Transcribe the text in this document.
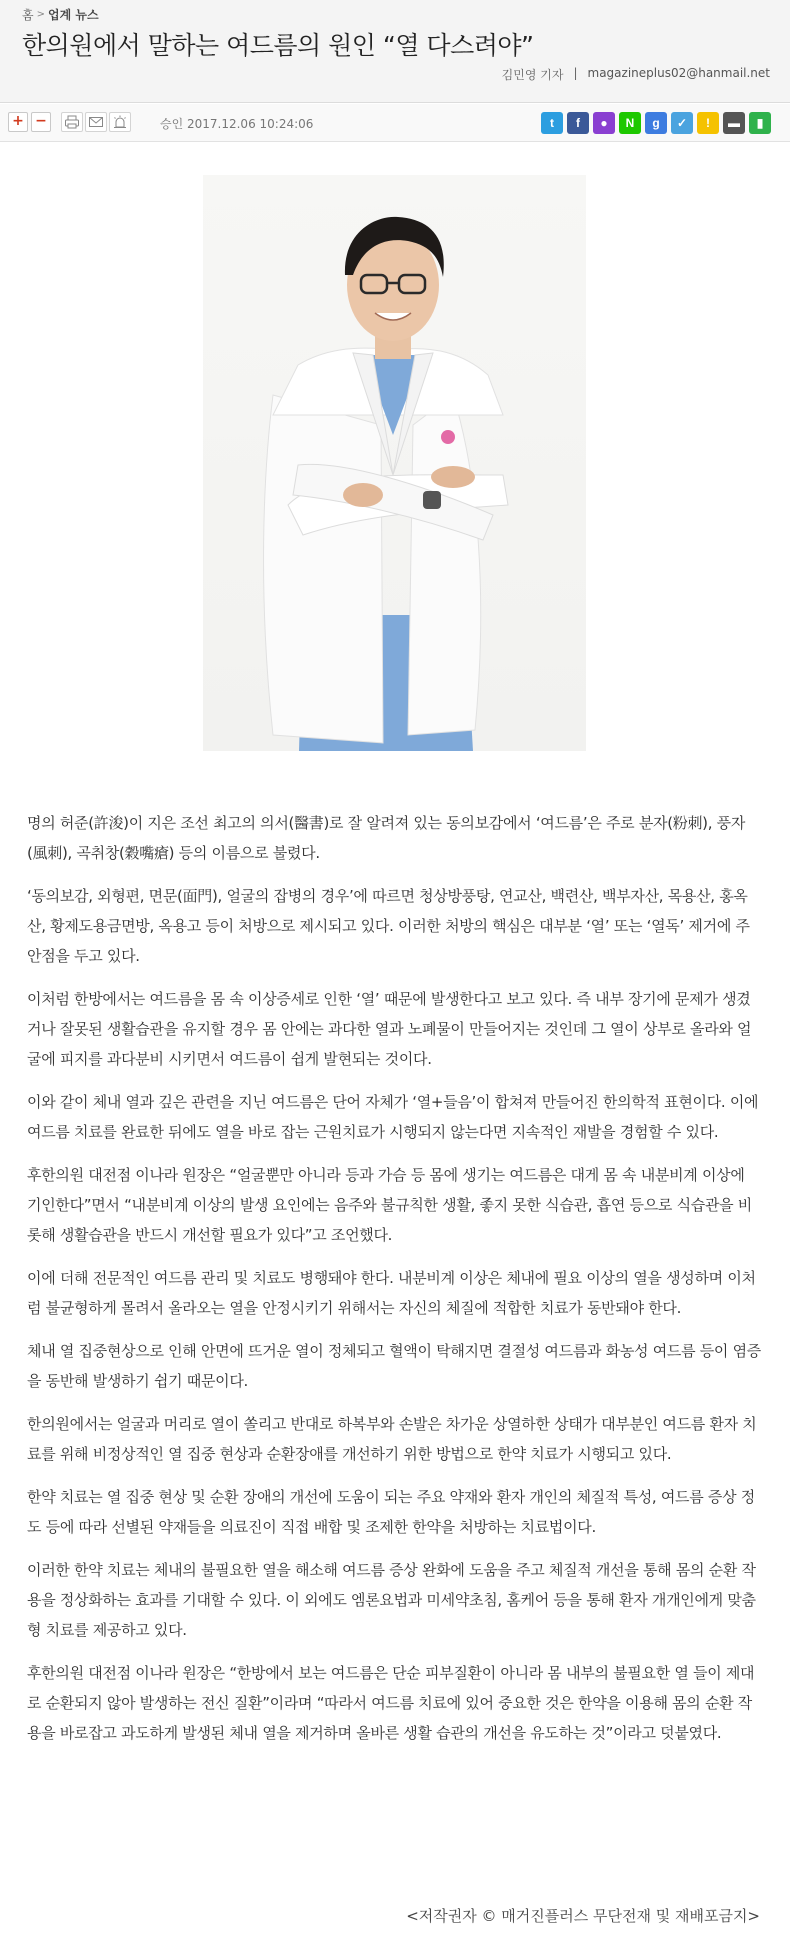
홈 > 업계 뉴스
한의원에서 말하는 여드름의 원인 “열 다스려야”
김민영 기자 | magazineplus02@hanmail.net
+ −	승인 2017.12.06 10:24:06	t	f	●	N	g	✓	!	▬	▮

명의 허준(許浚)이 지은 조선 최고의 의서(醫書)로 잘 알려져 있는 동의보감에서 ‘여드름’은 주로 분자(粉刺), 풍자(風刺), 곡취창(穀嘴瘡) 등의 이름으로 불렸다.

‘동의보감, 외형편, 면문(面門), 얼굴의 잡병의 경우’에 따르면 청상방풍탕, 연교산, 백련산, 백부자산, 목용산, 홍옥산, 황제도용금면방, 옥용고 등이 처방으로 제시되고 있다. 이러한 처방의 핵심은 대부분 ‘열’ 또는 ‘열독’ 제거에 주안점을 두고 있다.

이처럼 한방에서는 여드름을 몸 속 이상증세로 인한 ‘열’ 때문에 발생한다고 보고 있다. 즉 내부 장기에 문제가 생겼거나 잘못된 생활습관을 유지할 경우 몸 안에는 과다한 열과 노폐물이 만들어지는 것인데 그 열이 상부로 올라와 얼굴에 피지를 과다분비 시키면서 여드름이 쉽게 발현되는 것이다.

이와 같이 체내 열과 깊은 관련을 지닌 여드름은 단어 자체가 ‘열+들음’이 합쳐져 만들어진 한의학적 표현이다. 이에 여드름 치료를 완료한 뒤에도 열을 바로 잡는 근원치료가 시행되지 않는다면 지속적인 재발을 경험할 수 있다.

후한의원 대전점 이나라 원장은 “얼굴뿐만 아니라 등과 가슴 등 몸에 생기는 여드름은 대게 몸 속 내분비계 이상에 기인한다”면서 “내분비계 이상의 발생 요인에는 음주와 불규칙한 생활, 좋지 못한 식습관, 흡연 등으로 식습관을 비롯해 생활습관을 반드시 개선할 필요가 있다”고 조언했다.

이에 더해 전문적인 여드름 관리 및 치료도 병행돼야 한다. 내분비계 이상은 체내에 필요 이상의 열을 생성하며 이처럼 불균형하게 몰려서 올라오는 열을 안정시키기 위해서는 자신의 체질에 적합한 치료가 동반돼야 한다.

체내 열 집중현상으로 인해 안면에 뜨거운 열이 정체되고 혈액이 탁해지면 결절성 여드름과 화농성 여드름 등이 염증을 동반해 발생하기 쉽기 때문이다.

한의원에서는 얼굴과 머리로 열이 쏠리고 반대로 하복부와 손발은 차가운 상열하한 상태가 대부분인 여드름 환자 치료를 위해 비정상적인 열 집중 현상과 순환장애를 개선하기 위한 방법으로 한약 치료가 시행되고 있다.

한약 치료는 열 집중 현상 및 순환 장애의 개선에 도움이 되는 주요 약재와 환자 개인의 체질적 특성, 여드름 증상 정도 등에 따라 선별된 약재들을 의료진이 직접 배합 및 조제한 한약을 처방하는 치료법이다.

이러한 한약 치료는 체내의 불필요한 열을 해소해 여드름 증상 완화에 도움을 주고 체질적 개선을 통해 몸의 순환 작용을 정상화하는 효과를 기대할 수 있다. 이 외에도 엠론요법과 미세약초침, 홈케어 등을 통해 환자 개개인에게 맞춤형 치료를 제공하고 있다.

후한의원 대전점 이나라 원장은 “한방에서 보는 여드름은 단순 피부질환이 아니라 몸 내부의 불필요한 열 들이 제대로 순환되지 않아 발생하는 전신 질환”이라며 “따라서 여드름 치료에 있어 중요한 것은 한약을 이용해 몸의 순환 작용을 바로잡고 과도하게 발생된 체내 열을 제거하며 올바른 생활 습관의 개선을 유도하는 것”이라고 덧붙였다.

<저작권자 © 매거진플러스 무단전재 및 재배포금지>
